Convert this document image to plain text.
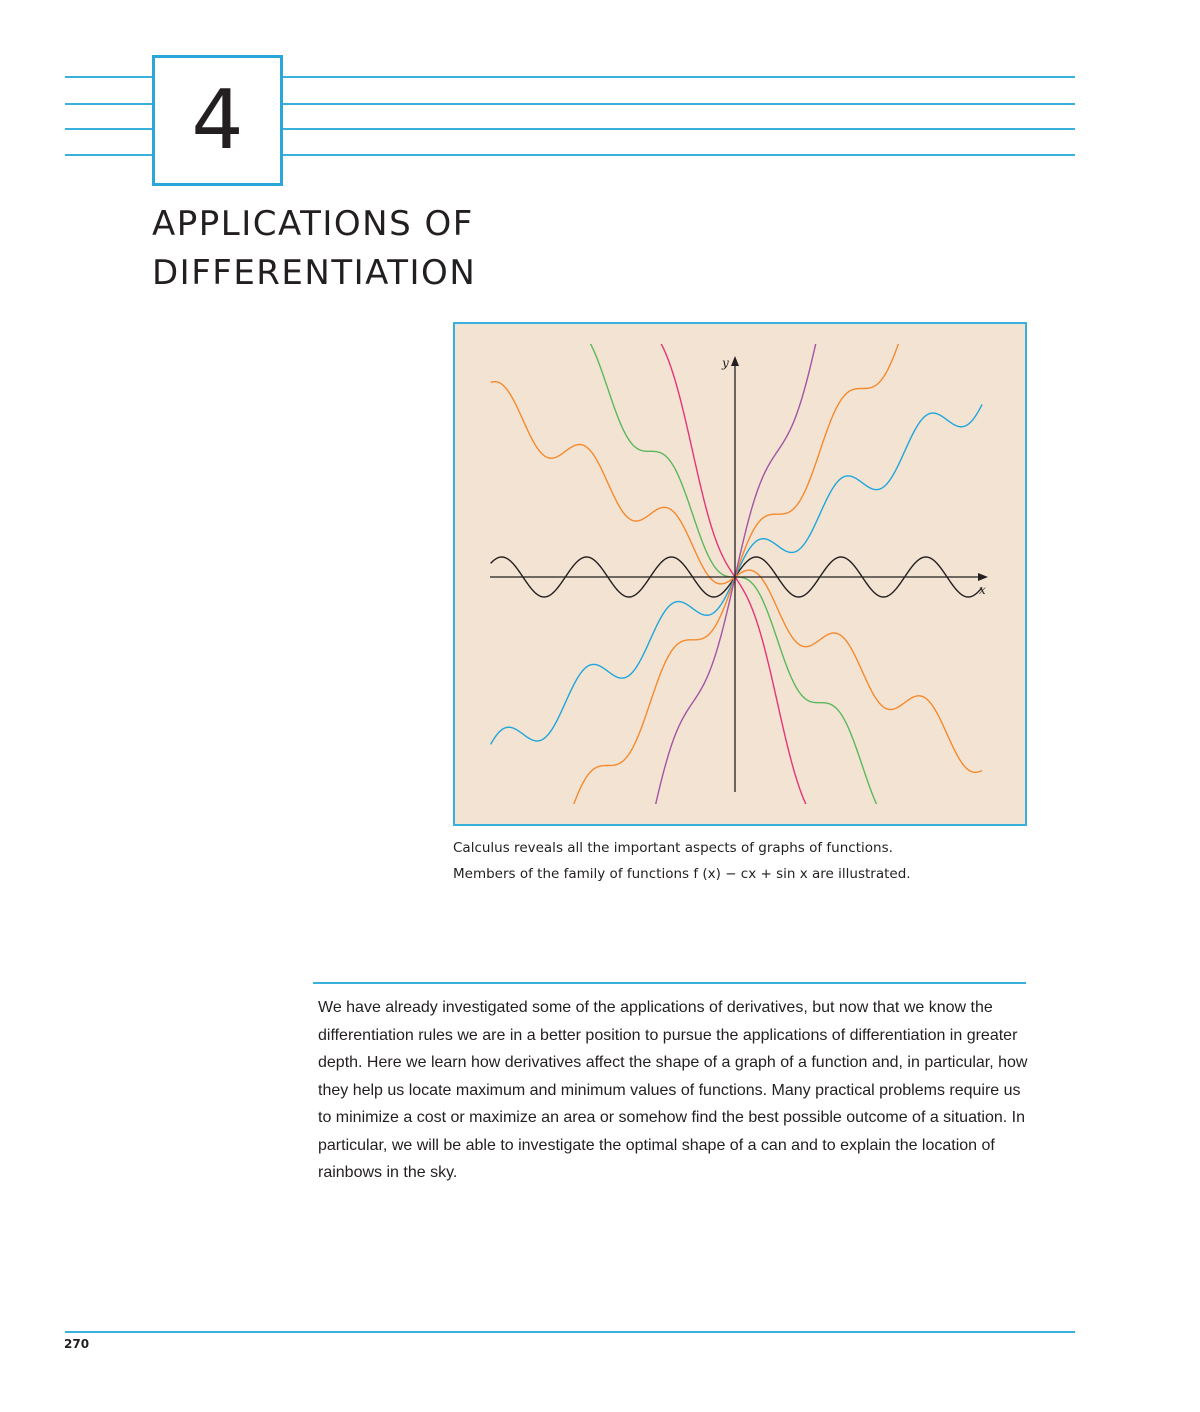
4
APPLICATIONS OF
DIFFERENTIATION
x
y

Calculus reveals all the important aspects of graphs of functions.

Members of the family of functions f (x) − cx + sin x are illustrated.

We have already investigated some of the applications of derivatives, but now that we know the differentiation rules we are in a better position to pursue the applications of differentiation in greater depth. Here we learn how derivatives affect the shape of a graph of a function and, in particular, how they help us locate maximum and minimum values of functions. Many practical problems require us to minimize a cost or maximize an area or somehow find the best possible outcome of a situation. In particular, we will be able to investigate the optimal shape of a can and to explain the location of rainbows in the sky.

270
